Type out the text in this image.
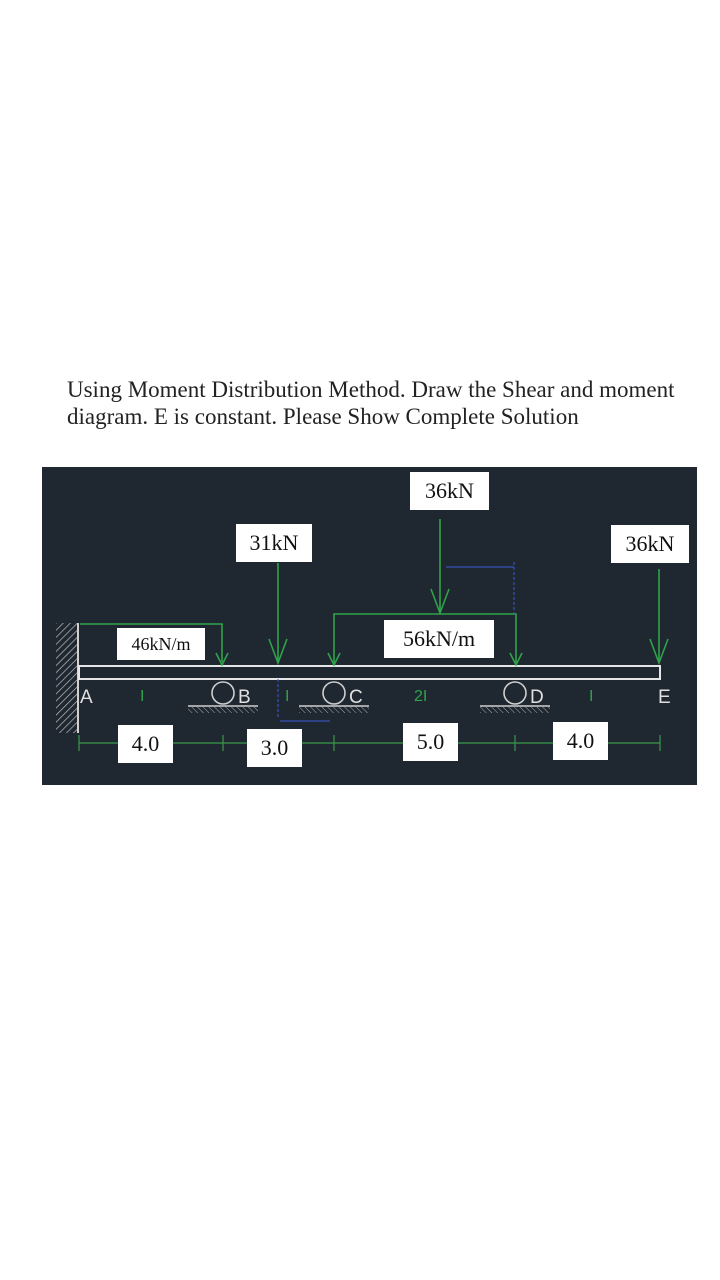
Using Moment Distribution Method. Draw the Shear and moment diagram. E is constant. Please Show Complete Solution
A	B	C	D	E
I	I	2I	I
36kN
31kN	36kN
46kN/m	56kN/m
4.0	3.0	5.0	4.0
